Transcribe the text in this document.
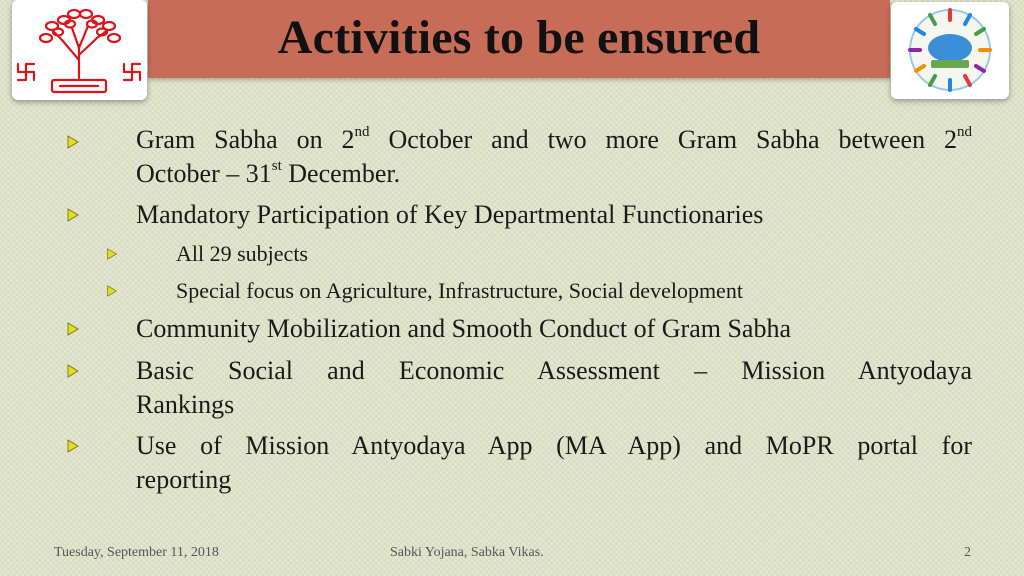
Activities to be ensured
Gram Sabha on 2nd October and two more Gram Sabha between 2nd
October – 31st December.
Mandatory Participation of Key Departmental Functionaries
All 29 subjects
Special focus on Agriculture, Infrastructure, Social development
Community Mobilization and Smooth Conduct of Gram Sabha
Basic Social and Economic Assessment – Mission Antyodaya
Rankings
Use of Mission Antyodaya App (MA App) and MoPR portal for
reporting
Tuesday, September 11, 2018	Sabki Yojana, Sabka Vikas.	2
